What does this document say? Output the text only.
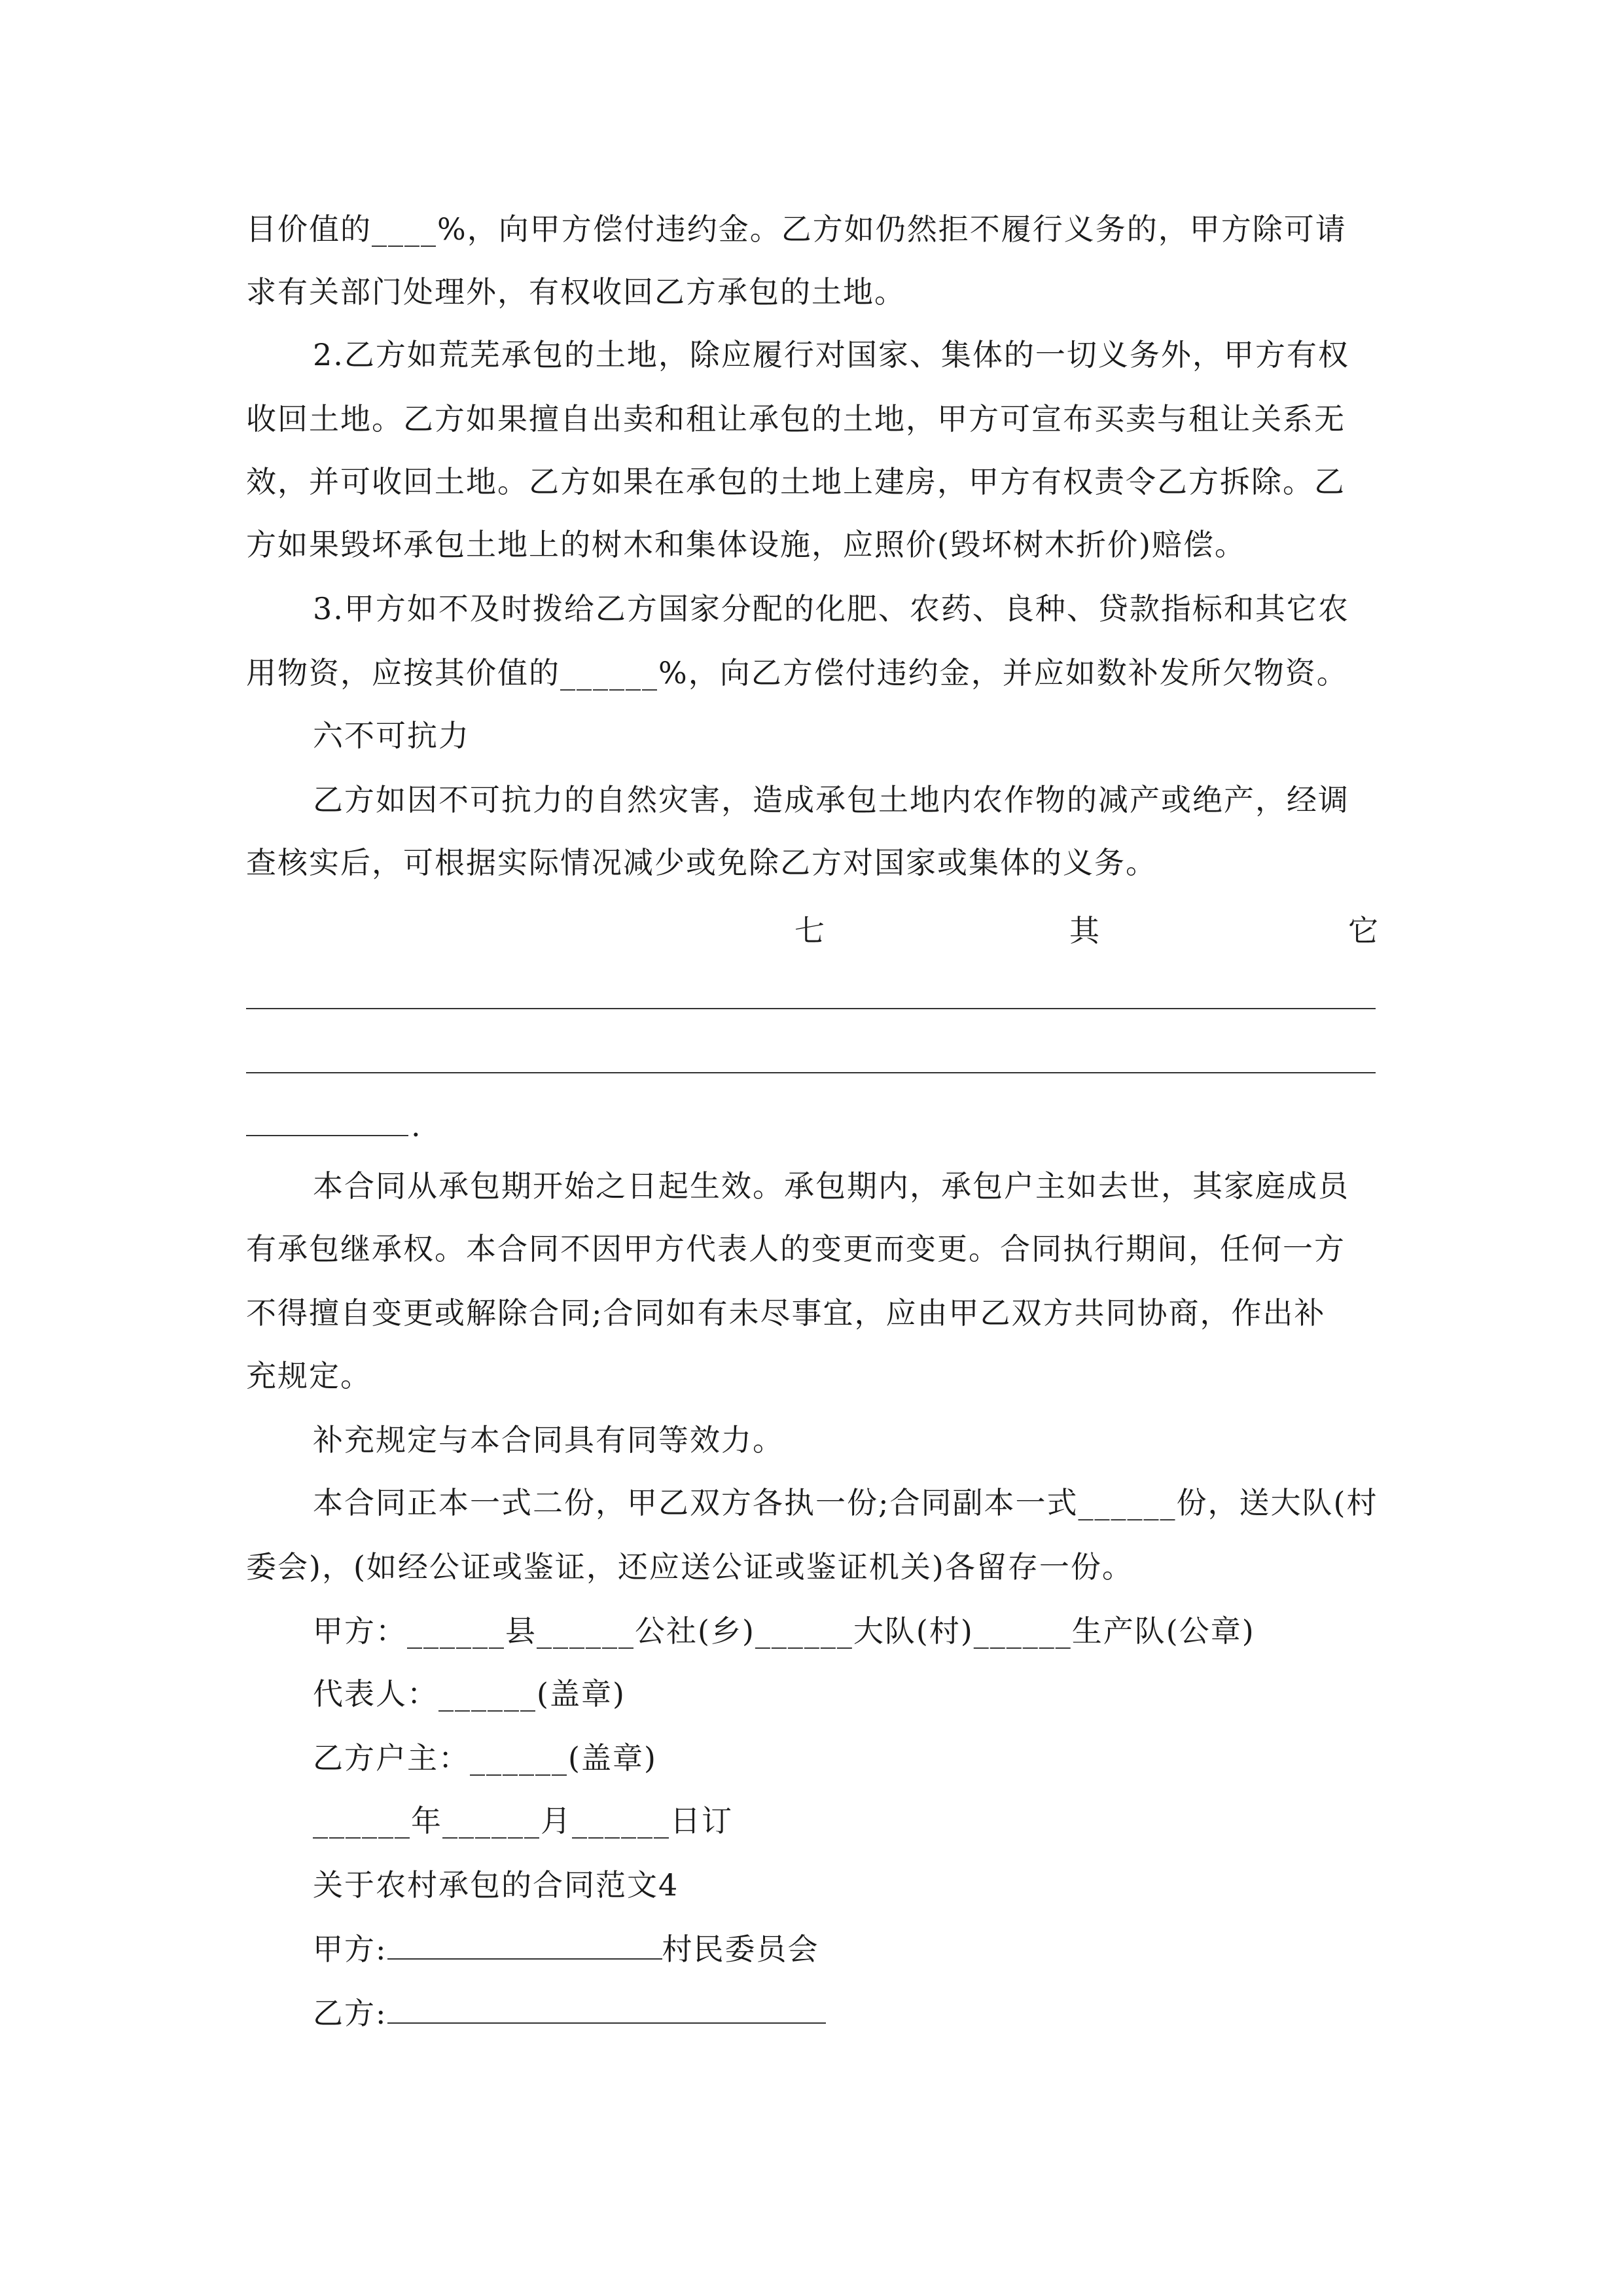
目价值的____%，向甲方偿付违约金。乙方如仍然拒不履行义务的，甲方除可请
求有关部门处理外，有权收回乙方承包的土地。
2.乙方如荒芜承包的土地，除应履行对国家、集体的一切义务外，甲方有权
收回土地。乙方如果擅自出卖和租让承包的土地，甲方可宣布买卖与租让关系无
效，并可收回土地。乙方如果在承包的土地上建房，甲方有权责令乙方拆除。乙
方如果毁坏承包土地上的树木和集体设施，应照价(毁坏树木折价)赔偿。
3.甲方如不及时拨给乙方国家分配的化肥、农药、良种、贷款指标和其它农
用物资，应按其价值的______%，向乙方偿付违约金，并应如数补发所欠物资。
六不可抗力
乙方如因不可抗力的自然灾害，造成承包土地内农作物的减产或绝产，经调
查核实后，可根据实际情况减少或免除乙方对国家或集体的义务。
七	其	它
.
本合同从承包期开始之日起生效。承包期内，承包户主如去世，其家庭成员
有承包继承权。本合同不因甲方代表人的变更而变更。合同执行期间，任何一方
不得擅自变更或解除合同;合同如有未尽事宜，应由甲乙双方共同协商，作出补
充规定。
补充规定与本合同具有同等效力。
本合同正本一式二份，甲乙双方各执一份;合同副本一式______份，送大队(村
委会)，(如经公证或鉴证，还应送公证或鉴证机关)各留存一份。
甲方：______县______公社(乡)______大队(村)______生产队(公章)
代表人：______(盖章)
乙方户主：______(盖章)
______年______月______日订
关于农村承包的合同范文4
甲方:	村民委员会
乙方:
